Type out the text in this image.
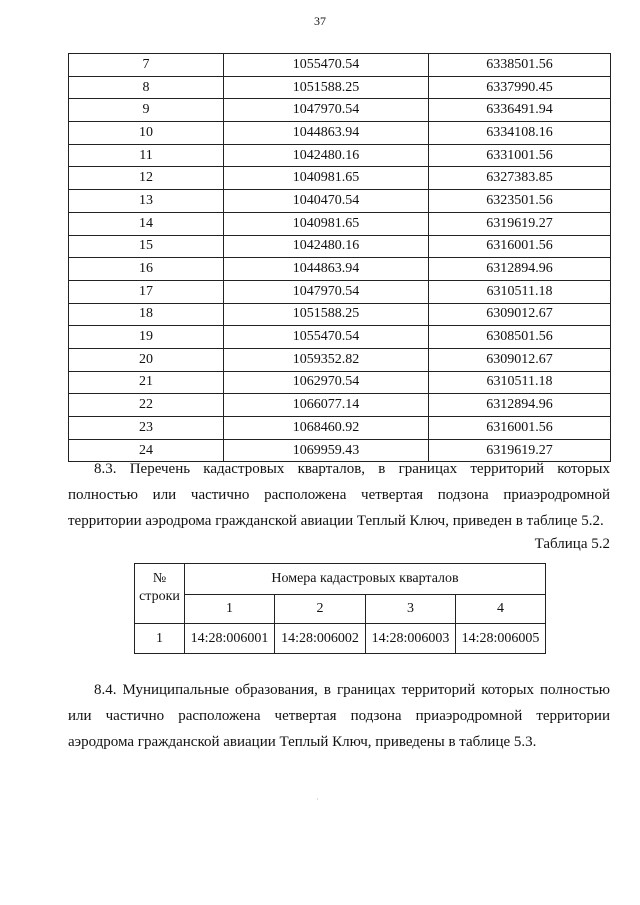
37
7	1055470.54	6338501.56
8	1051588.25	6337990.45
9	1047970.54	6336491.94
10	1044863.94	6334108.16
11	1042480.16	6331001.56
12	1040981.65	6327383.85
13	1040470.54	6323501.56
14	1040981.65	6319619.27
15	1042480.16	6316001.56
16	1044863.94	6312894.96
17	1047970.54	6310511.18
18	1051588.25	6309012.67
19	1055470.54	6308501.56
20	1059352.82	6309012.67
21	1062970.54	6310511.18
22	1066077.14	6312894.96
23	1068460.92	6316001.56
24	1069959.43	6319619.27

8.3. Перечень кадастровых кварталов, в границах территорий которых полностью или частично расположена четвертая подзона приаэродромной территории аэродрома гражданской авиации Теплый Ключ, приведен в таблице 5.2.

Таблица 5.2
№
строки	Номера кадастровых кварталов			
	1	2	3	4
1	14:28:006001	14:28:006002	14:28:006003	14:28:006005

8.4. Муниципальные образования, в границах территорий которых полностью или частично расположена четвертая подзона приаэродромной территории аэродрома гражданской авиации Теплый Ключ, приведены в таблице 5.3.

·
